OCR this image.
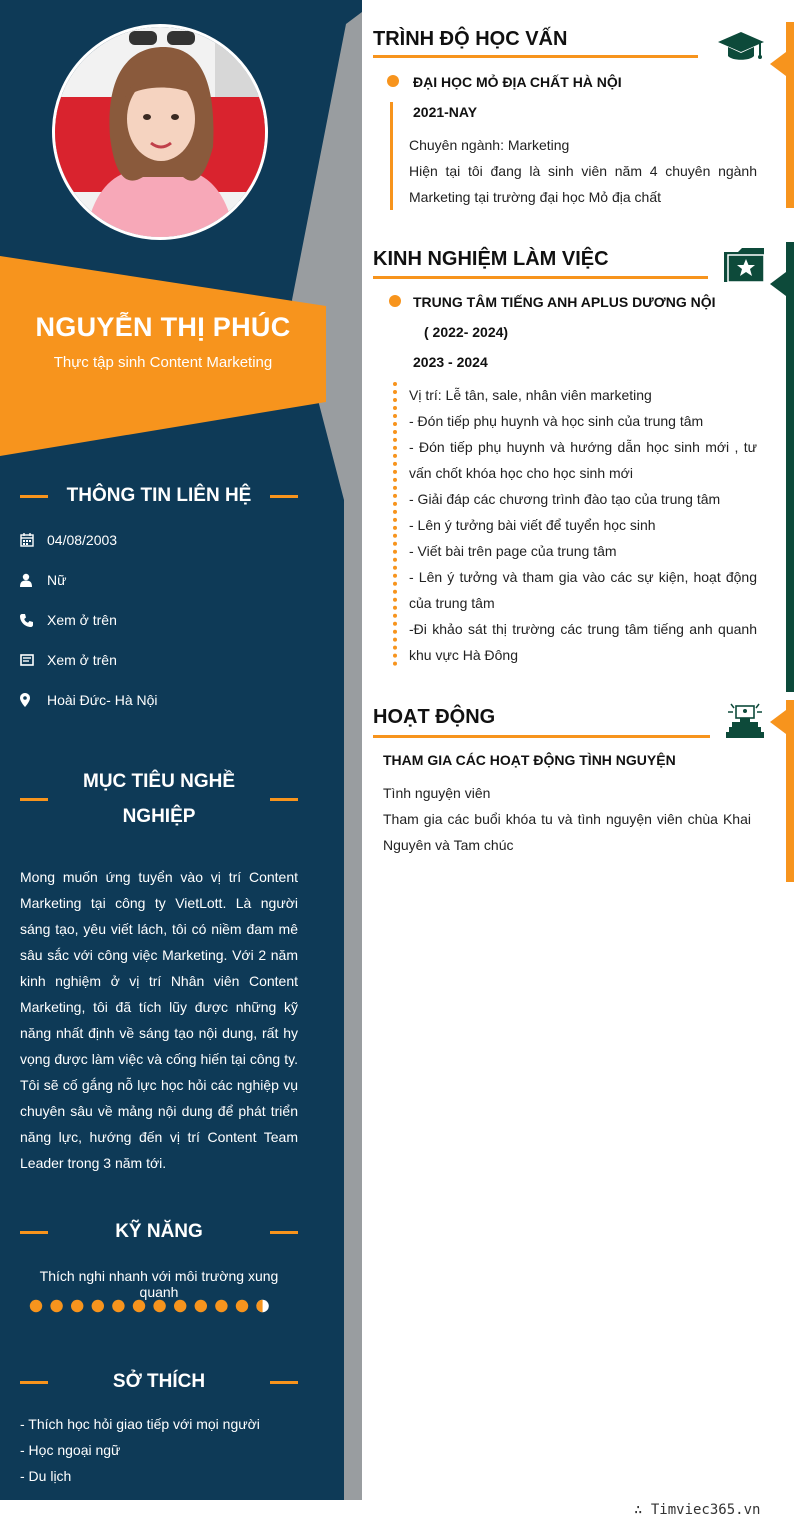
NGUYỄN THỊ PHÚC
Thực tập sinh Content Marketing
THÔNG TIN LIÊN HỆ
04/08/2003
Nữ
Xem ở trên
Xem ở trên
Hoài Đức- Hà Nội
MỤC TIÊU NGHỀ
NGHIỆP
Mong muốn ứng tuyển vào vị trí Content Marketing tại công ty VietLott. Là người sáng tạo, yêu viết lách, tôi có niềm đam mê sâu sắc với công việc Marketing. Với 2 năm kinh nghiệm ở vị trí Nhân viên Content Marketing, tôi đã tích lũy được những kỹ năng nhất định về sáng tạo nội dung, rất hy vọng được làm việc và cống hiến tại công ty. Tôi sẽ cố gắng nỗ lực học hỏi các nghiệp vụ chuyên sâu về mảng nội dung để phát triển năng lực, hướng đến vị trí Content Team Leader trong 3 năm tới.
KỸ NĂNG
Thích nghi nhanh với môi trường xung quanh
SỞ THÍCH
- Thích học hỏi giao tiếp với mọi người
- Học ngoại ngữ
- Du lịch
TRÌNH ĐỘ HỌC VẤN
ĐẠI HỌC MỎ ĐỊA CHẤT HÀ NỘI
2021-NAY
Chuyên ngành: Marketing
Hiện tại tôi đang là sinh viên năm 4 chuyên ngành Marketing tại trường đại học Mỏ địa chất
KINH NGHIỆM LÀM VIỆC
TRUNG TÂM TIẾNG ANH APLUS DƯƠNG NỘI
( 2022- 2024)
2023 - 2024
Vị trí: Lễ tân, sale, nhân viên marketing
- Đón tiếp phụ huynh và học sinh của trung tâm
- Đón tiếp phụ huynh và hướng dẫn học sinh mới , tư vấn chốt khóa học cho học sinh mới
- Giải đáp các chương trình đào tạo của trung tâm
- Lên ý tưởng bài viết để tuyển học sinh
- Viết bài trên page của trung tâm
- Lên ý tưởng và tham gia vào các sự kiện, hoạt động của trung tâm
-Đi khảo sát thị trường các trung tâm tiếng anh quanh khu vực Hà Đông
HOẠT ĐỘNG
THAM GIA CÁC HOẠT ĐỘNG TÌNH NGUYỆN
Tình nguyện viên
Tham gia các buổi khóa tu và tình nguyện viên chùa Khai Nguyên và Tam chúc
∴ Timviec365.vn
